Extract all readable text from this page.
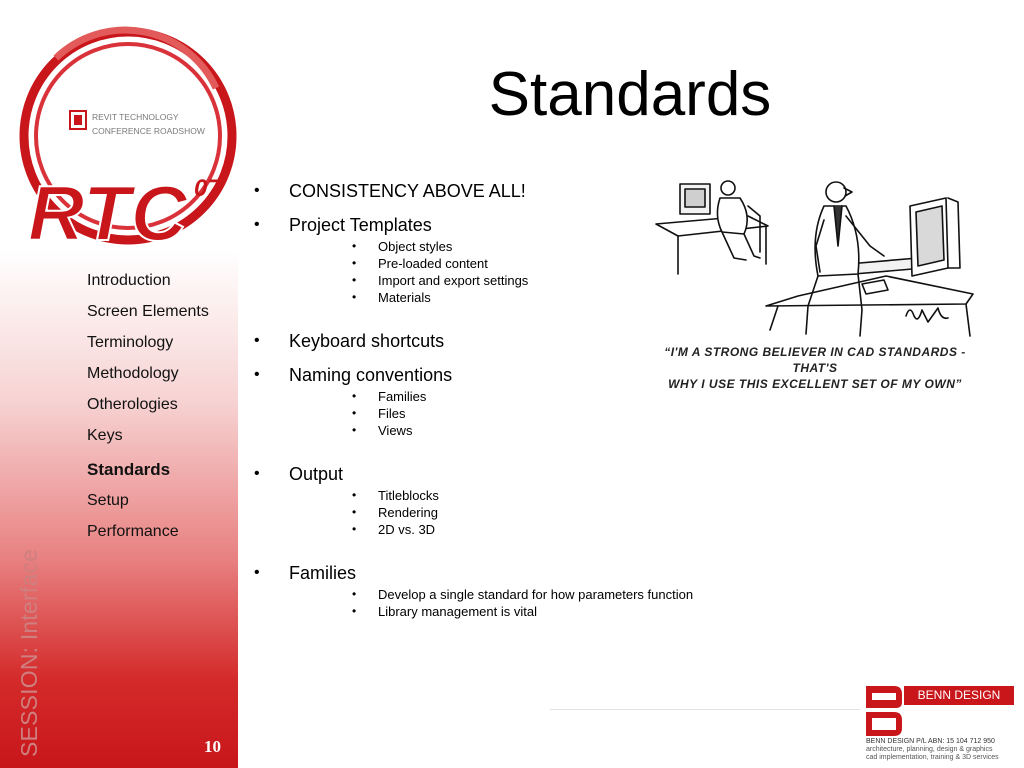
REVIT TECHNOLOGY
CONFERENCE ROADSHOW
RTC 07
Introduction
Screen Elements
Terminology
Methodology
Otherologies
Keys
Standards
Setup
Performance
SESSION: Interface	10
Standards
• CONSISTENCY ABOVE ALL!
• Project Templates
• Object styles
• Pre-loaded content
• Import and export settings
• Materials
• Keyboard shortcuts
• Naming conventions
• Families
• Files
• Views
• Output
• Titleblocks
• Rendering
• 2D vs. 3D
• Families
• Develop a single standard for how parameters function
• Library management is vital
“I'M A STRONG BELIEVER IN CAD STANDARDS - THAT'S
WHY I USE THIS EXCELLENT SET OF MY OWN”
BENN DESIGN
BENN DESIGN P/L ABN: 15 104 712 950
architecture, planning, design & graphics
cad implementation, training & 3D services
